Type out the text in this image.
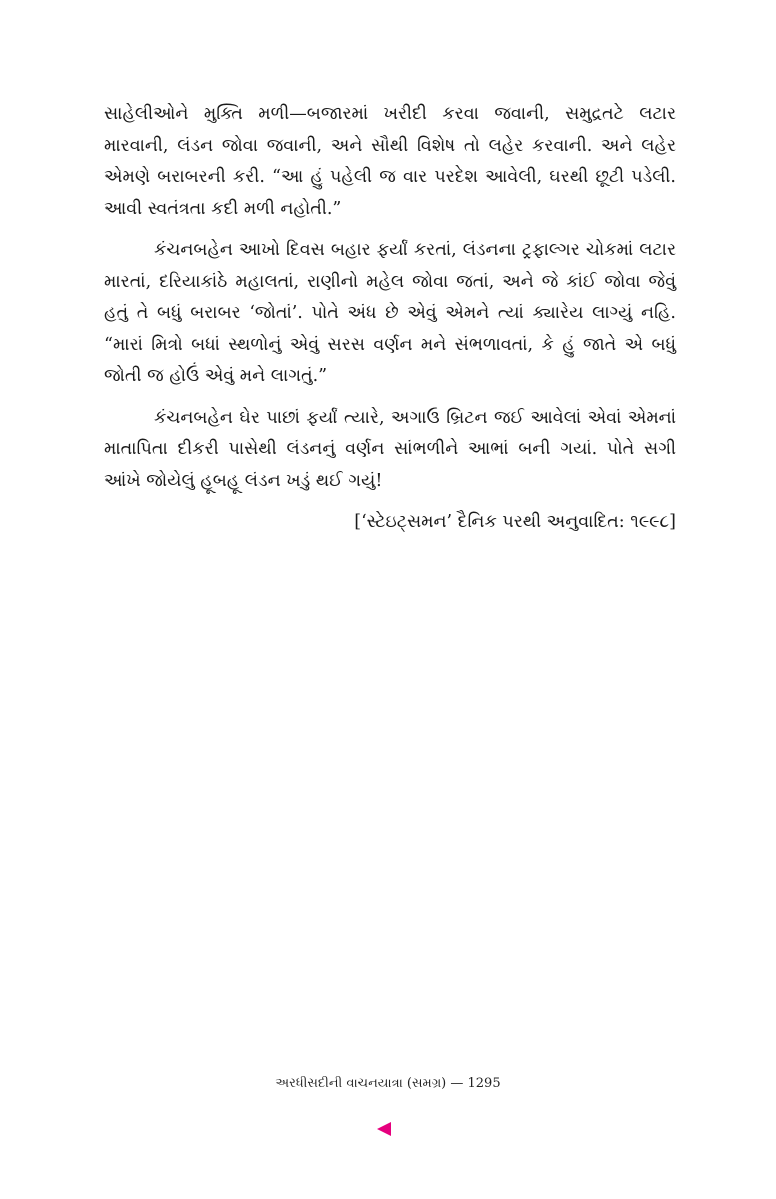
સાહેલીઓને મુક્તિ મળી—બજારમાં ખરીદી કરવા જવાની, સમુદ્રતટે લટાર મારવાની, લંડન જોવા જવાની, અને સૌથી વિશેષ તો લહેર કરવાની. અને લહેર એમણે બરાબરની કરી. “આ હું પહેલી જ વાર પરદેશ આવેલી, ઘરથી છૂટી પડેલી. આવી સ્વતંત્રતા કદી મળી નહોતી.”

કંચનબહેન આખો દિવસ બહાર ફર્યાં કરતાં, લંડનના ટ્રફાલ્ગર ચોકમાં લટાર મારતાં, દરિયાકાંઠે મહાલતાં, રાણીનો મહેલ જોવા જતાં, અને જે કાંઈ જોવા જેવું હતું તે બધું બરાબર ‘જોતાં’. પોતે અંધ છે એવું એમને ત્યાં ક્યારેય લાગ્યું નહિ. “મારાં મિત્રો બધાં સ્થળોનું એવું સરસ વર્ણન મને સંભળાવતાં, કે હું જાતે એ બધું જોતી જ હોઉં એવું મને લાગતું.”

કંચનબહેન ઘેર પાછાં ફર્યાં ત્યારે, અગાઉ બ્રિટન જઈ આવેલાં એવાં એમનાં માતાપિતા દીકરી પાસેથી લંડનનું વર્ણન સાંભળીને આભાં બની ગયાં. પોતે સગી આંખે જોયેલું હૂબહૂ લંડન ખડું થઈ ગયું!

[‘સ્ટેઇટ્સમન’ દૈનિક પરથી અનુવાદિત: ૧૯૯૮]

અરધીસદીની વાચનયાત્રા (સમગ્ર) — 1295
